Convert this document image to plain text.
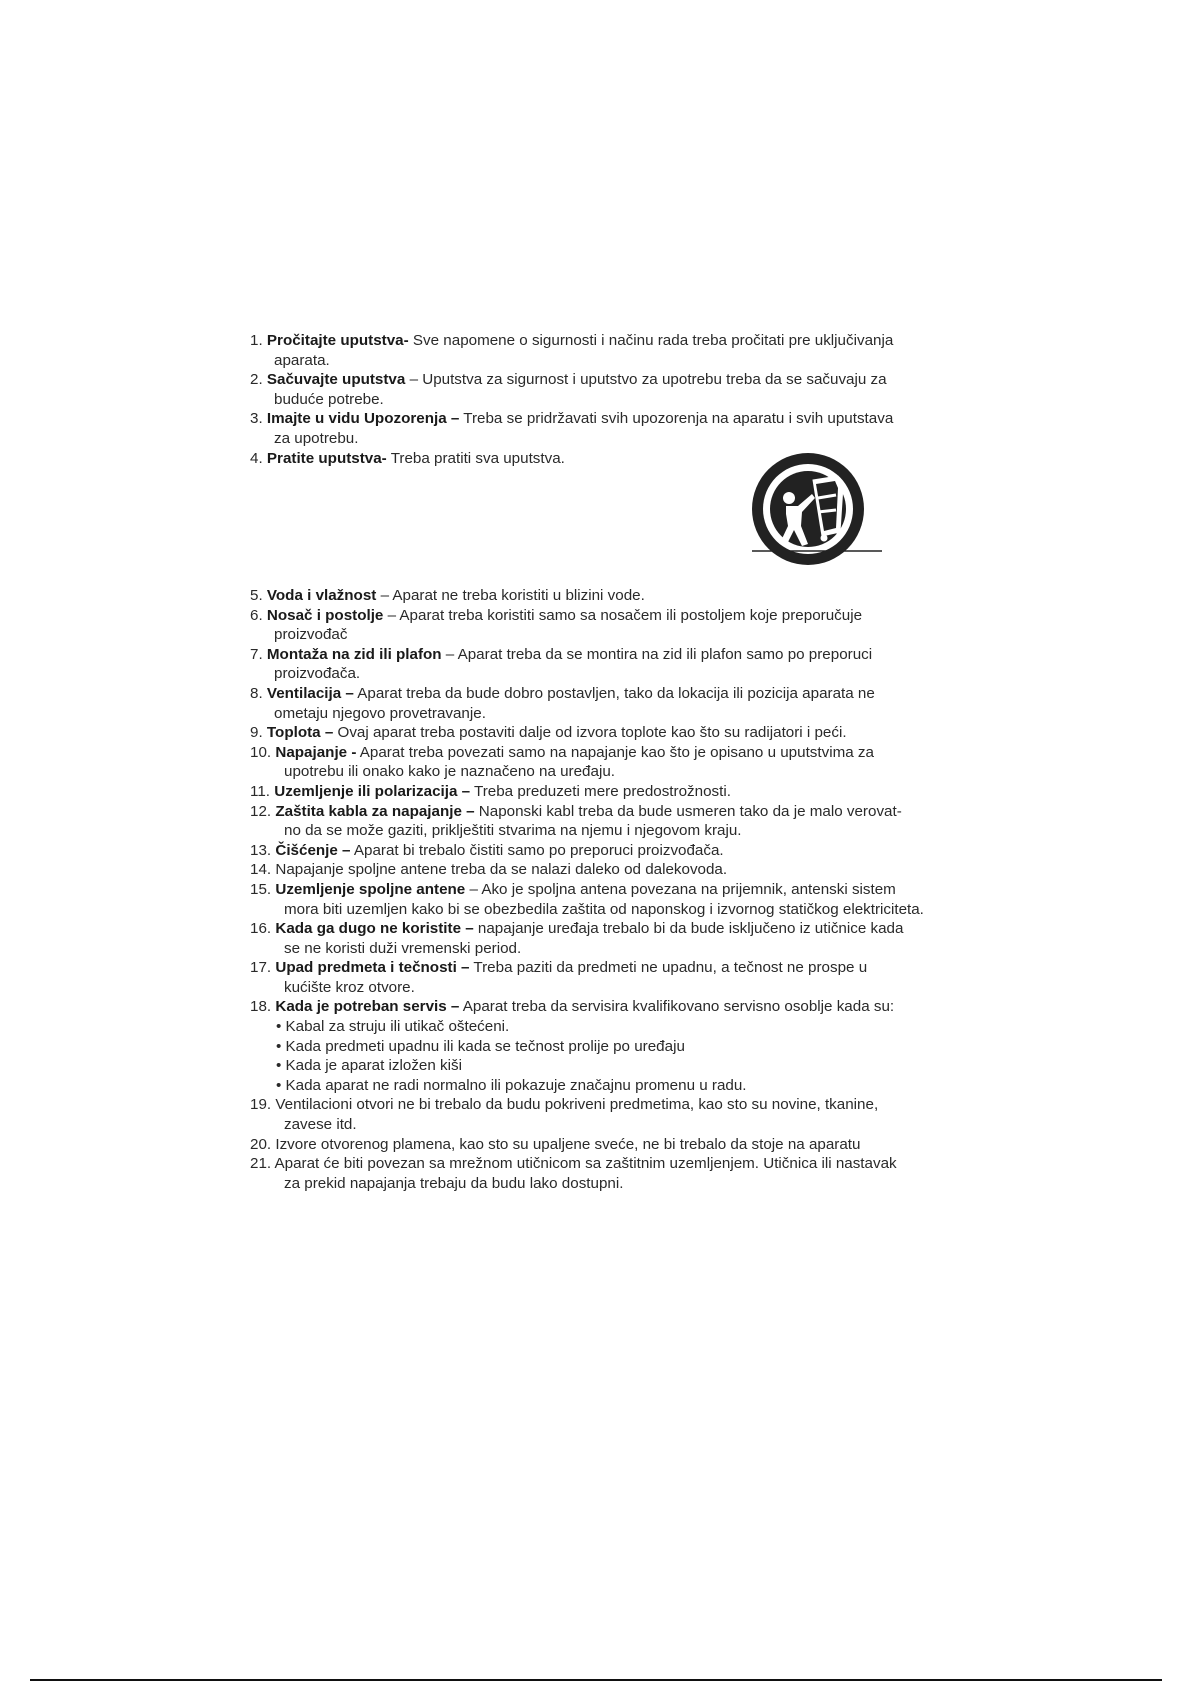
1. Pročitajte uputstva- Sve napomene o sigurnosti i načinu rada treba pročitati pre uključivanja
aparata.
2. Sačuvajte uputstva – Uputstva za sigurnost i uputstvo za upotrebu treba da se sačuvaju za
buduće potrebe.
3. Imajte u vidu Upozorenja – Treba se pridržavati svih upozorenja na aparatu i svih uputstava
za upotrebu.
4. Pratite uputstva- Treba pratiti sva uputstva.
5. Voda i vlažnost – Aparat ne treba koristiti u blizini vode.
6. Nosač i postolje – Aparat treba koristiti samo sa nosačem ili postoljem koje preporučuje
proizvođač
7. Montaža na zid ili plafon – Aparat treba da se montira na zid ili plafon samo po preporuci
proizvođača.
8. Ventilacija – Aparat treba da bude dobro postavljen, tako da lokacija ili pozicija aparata ne
ometaju njegovo provetravanje.
9. Toplota – Ovaj aparat treba postaviti dalje od izvora toplote kao što su radijatori i peći.
10. Napajanje - Aparat treba povezati samo na napajanje kao što je opisano u uputstvima za
upotrebu ili onako kako je naznačeno na uređaju.
11. Uzemljenje ili polarizacija – Treba preduzeti mere predostrožnosti.
12. Zaštita kabla za napajanje – Naponski kabl treba da bude usmeren tako da je malo verovat-
no da se može gaziti, priklještiti stvarima na njemu i njegovom kraju.
13. Čišćenje – Aparat bi trebalo čistiti samo po preporuci proizvođača.
14. Napajanje spoljne antene treba da se nalazi daleko od dalekovoda.
15. Uzemljenje spoljne antene – Ako je spoljna antena povezana na prijemnik, antenski sistem
mora biti uzemljen kako bi se obezbedila zaštita od naponskog i izvornog statičkog elektriciteta.
16. Kada ga dugo ne koristite – napajanje uređaja trebalo bi da bude isključeno iz utičnice kada
se ne koristi duži vremenski period.
17. Upad predmeta i tečnosti – Treba paziti da predmeti ne upadnu, a tečnost ne prospe u
kućište kroz otvore.
18. Kada je potreban servis – Aparat treba da servisira kvalifikovano servisno osoblje kada su:
• Kabal za struju ili utikač oštećeni.
• Kada predmeti upadnu ili kada se tečnost prolije po uređaju
• Kada je aparat izložen kiši
• Kada aparat ne radi normalno ili pokazuje značajnu promenu u radu.
19. Ventilacioni otvori ne bi trebalo da budu pokriveni predmetima, kao sto su novine, tkanine,
zavese itd.
20. Izvore otvorenog plamena, kao sto su upaljene sveće, ne bi trebalo da stoje na aparatu
21. Aparat će biti povezan sa mrežnom utičnicom sa zaštitnim uzemljenjem. Utičnica ili nastavak
za prekid napajanja trebaju da budu lako dostupni.
